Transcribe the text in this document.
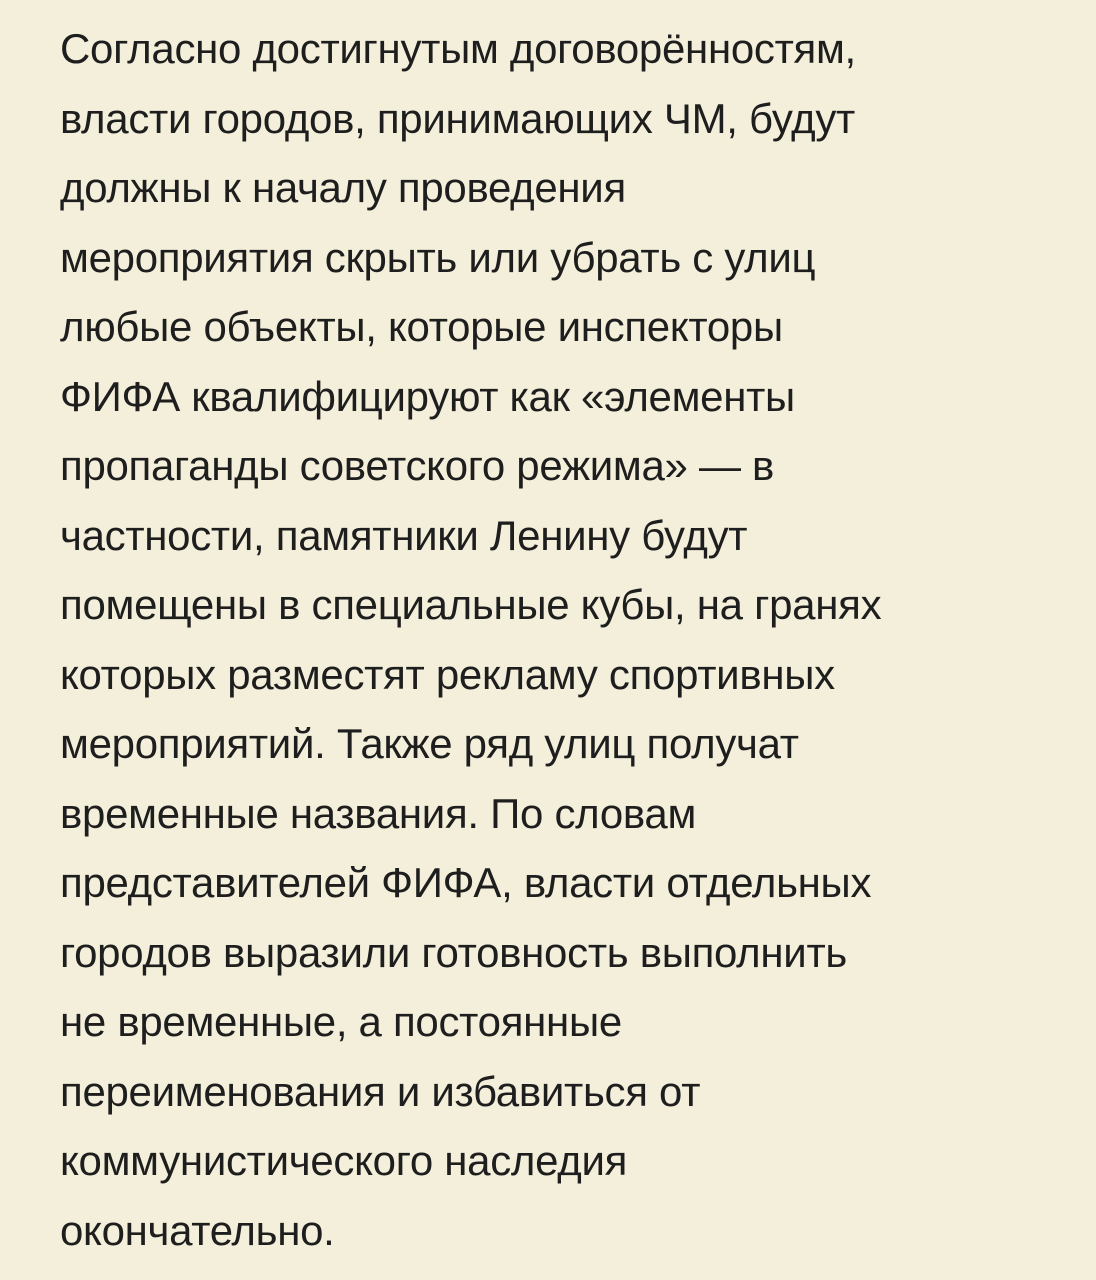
Согласно достигнутым договорённостям,
власти городов, принимающих ЧМ, будут
должны к началу проведения
мероприятия скрыть или убрать с улиц
любые объекты, которые инспекторы
ФИФА квалифицируют как «элементы
пропаганды советского режима» — в
частности, памятники Ленину будут
помещены в специальные кубы, на гранях
которых разместят рекламу спортивных
мероприятий. Также ряд улиц получат
временные названия. По словам
представителей ФИФА, власти отдельных
городов выразили готовность выполнить
не временные, а постоянные
переименования и избавиться от
коммунистического наследия
окончательно.
